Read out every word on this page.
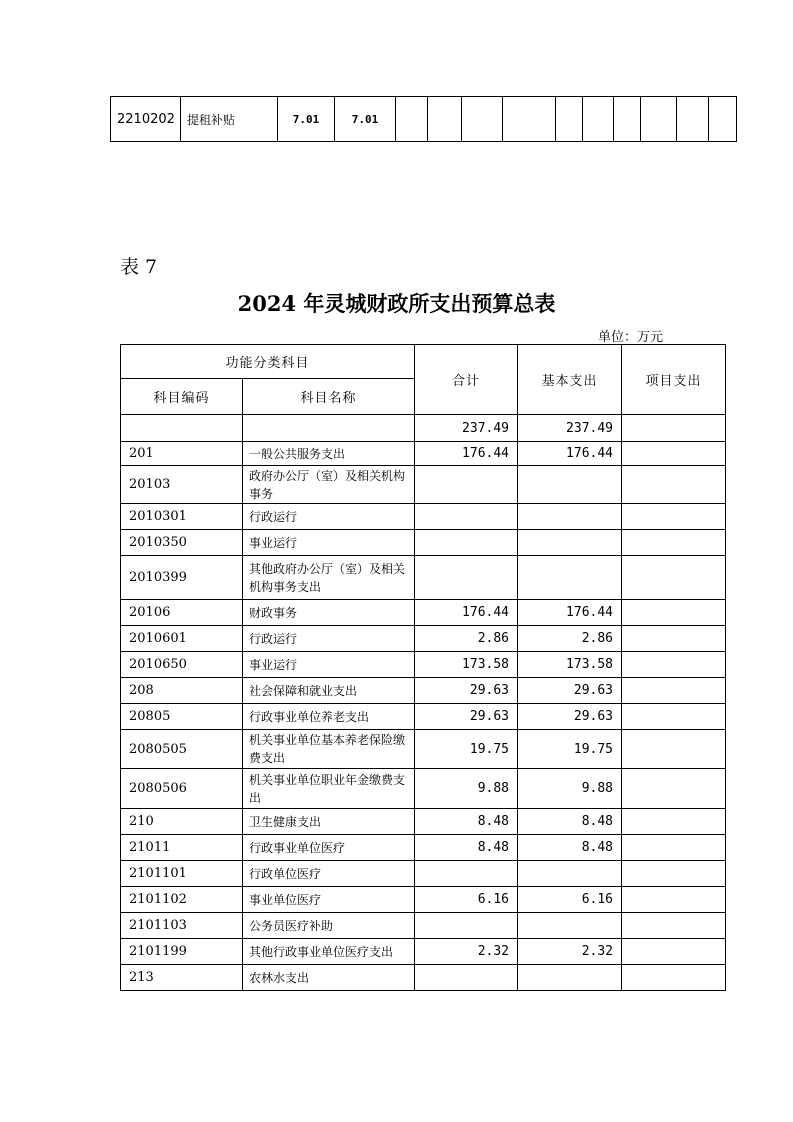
2210202	提租补贴	7.01	7.01										
表 7
2024 年灵城财政所支出预算总表
单位：万元
功能分类科目		合计	基本支出	项目支出
科目编码	科目名称			
		237.49	237.49	
201	一般公共服务支出	176.44	176.44	
20103	政府办公厅（室）及相关机构事务			
2010301	行政运行			
2010350	事业运行			
2010399	其他政府办公厅（室）及相关机构事务支出			
20106	财政事务	176.44	176.44	
2010601	行政运行	2.86	2.86	
2010650	事业运行	173.58	173.58	
208	社会保障和就业支出	29.63	29.63	
20805	行政事业单位养老支出	29.63	29.63	
2080505	机关事业单位基本养老保险缴费支出	19.75	19.75	
2080506	机关事业单位职业年金缴费支出	9.88	9.88	
210	卫生健康支出	8.48	8.48	
21011	行政事业单位医疗	8.48	8.48	
2101101	行政单位医疗			
2101102	事业单位医疗	6.16	6.16	
2101103	公务员医疗补助			
2101199	其他行政事业单位医疗支出	2.32	2.32	
213	农林水支出			
